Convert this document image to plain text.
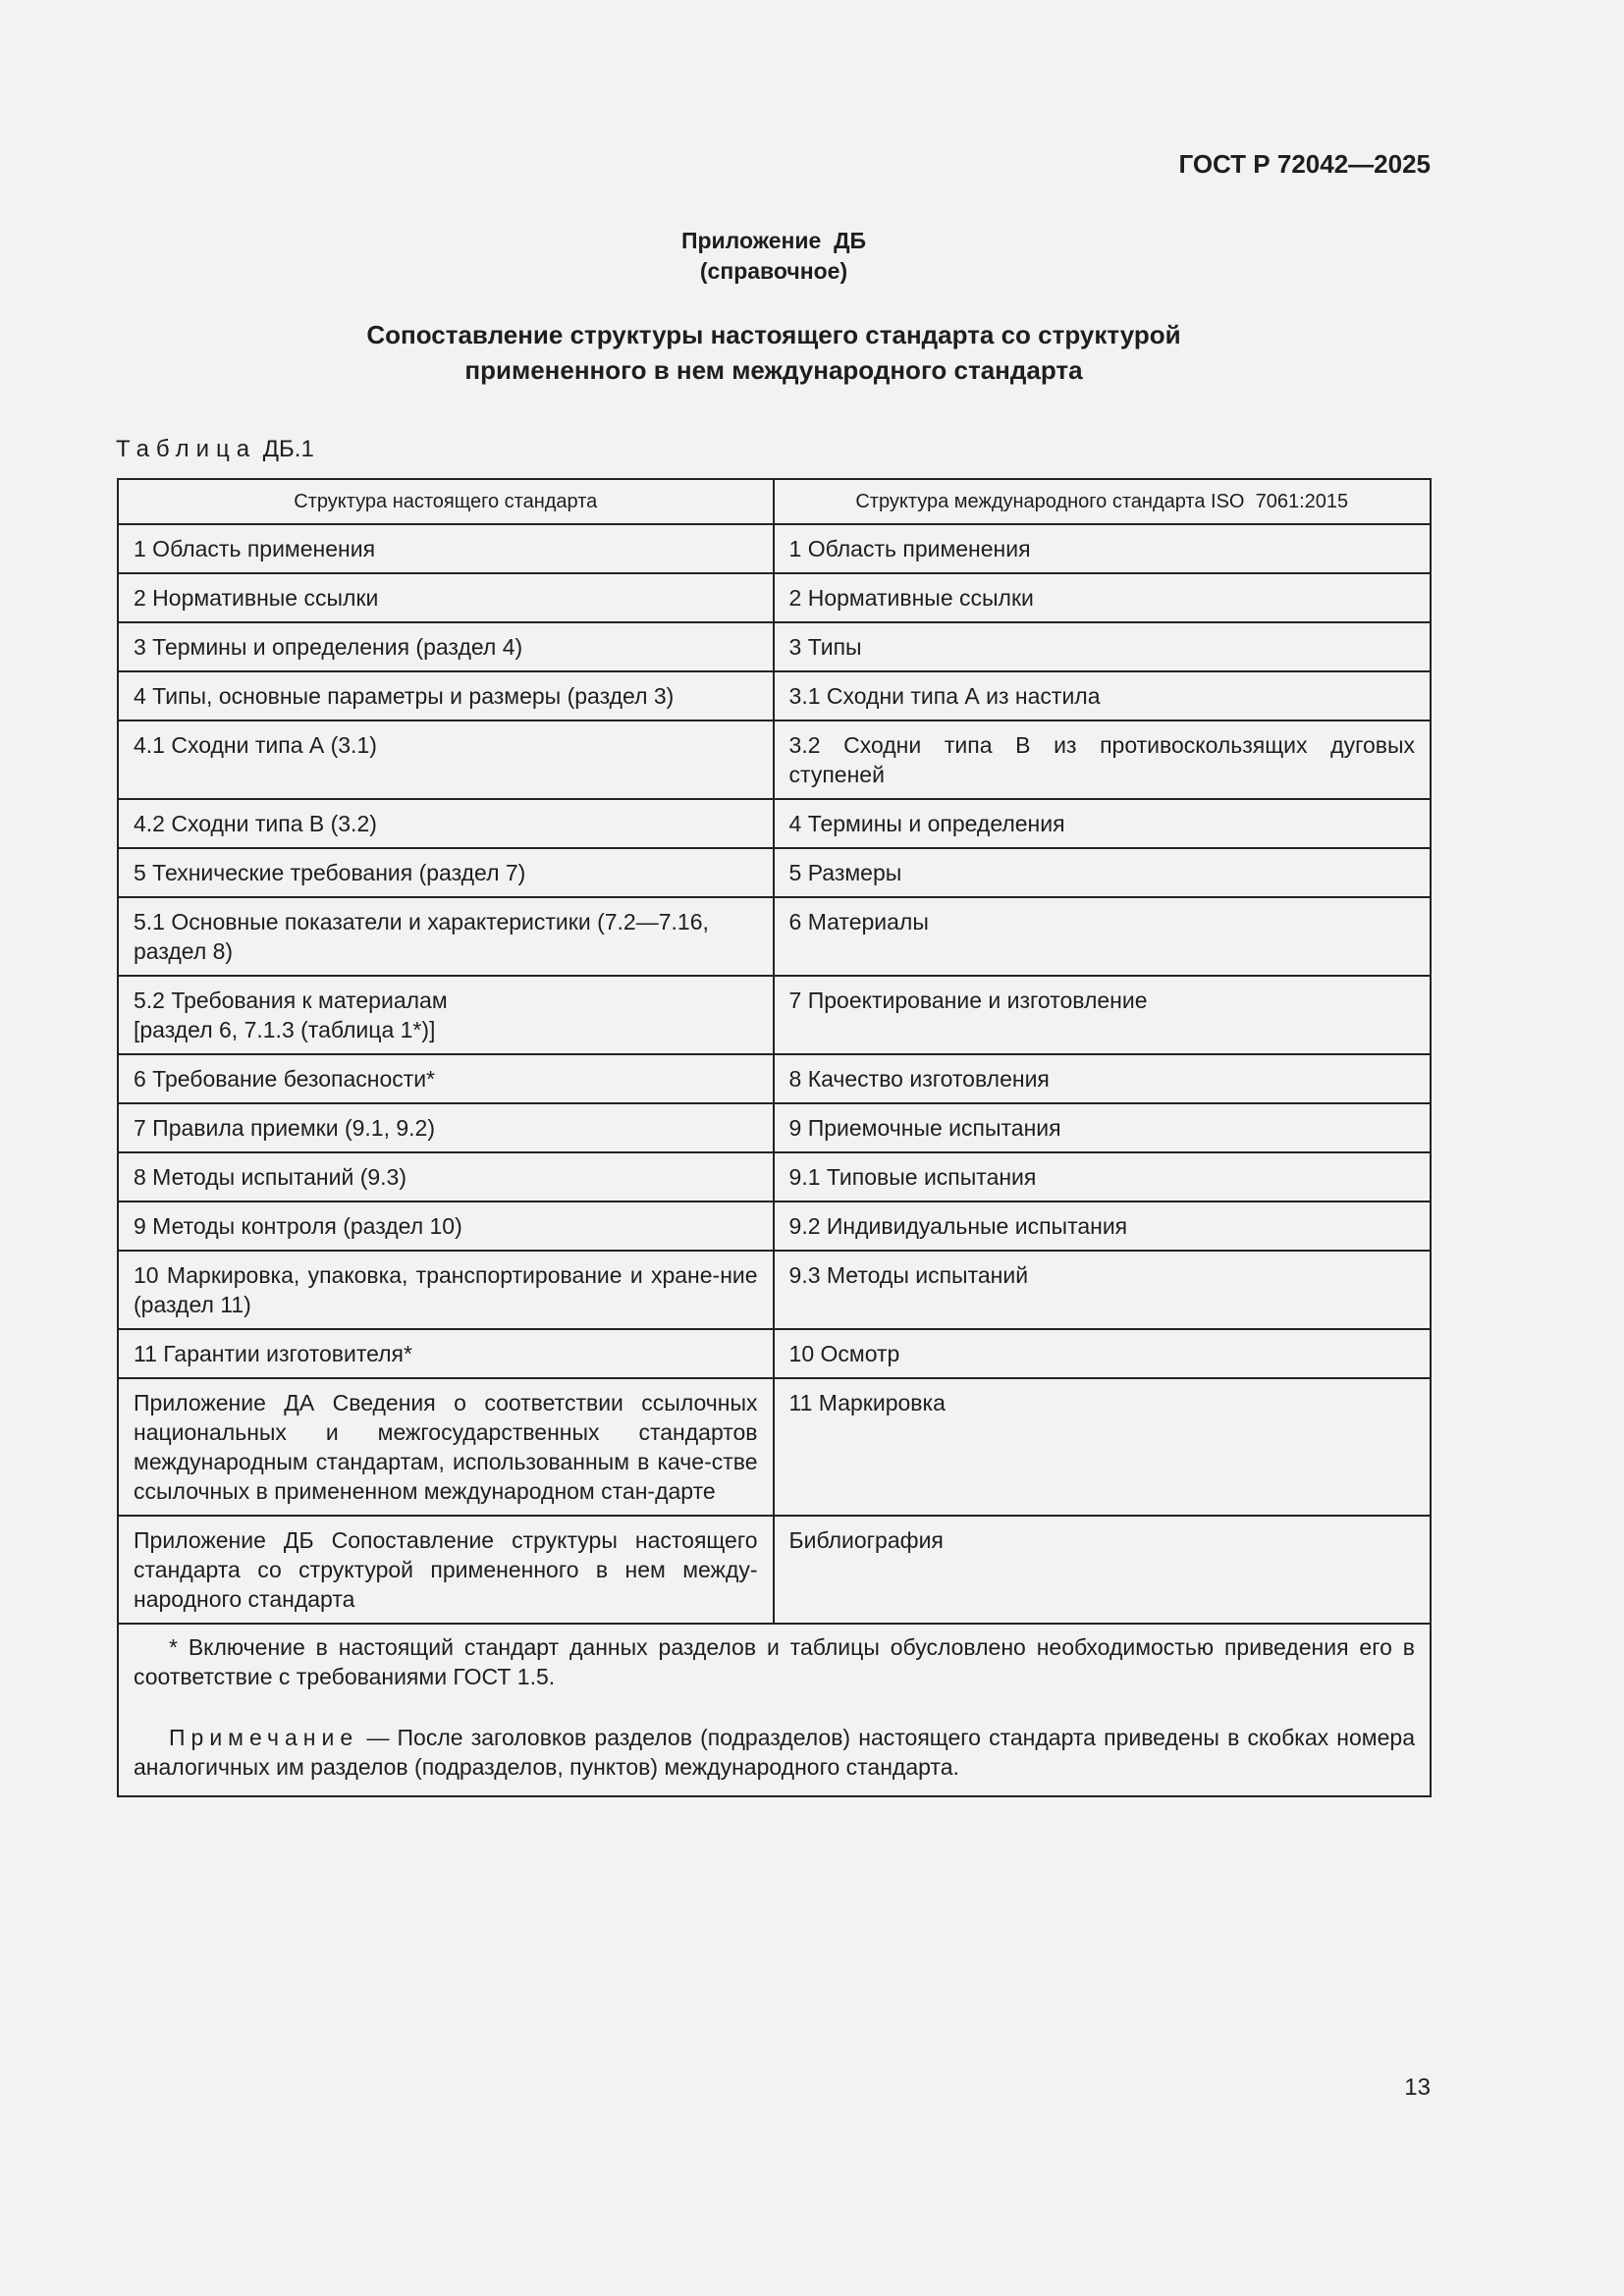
ГОСТ Р 72042—2025
Приложение  ДБ
(справочное)
Сопоставление структуры настоящего стандарта со структурой
примененного в нем международного стандарта
Таблица ДБ.1
Структура настоящего стандарта	Структура международного стандарта ISO  7061:2015
1 Область применения	1 Область применения
2 Нормативные ссылки	2 Нормативные ссылки
3 Термины и определения (раздел 4)	3 Типы
4 Типы, основные параметры и размеры (раздел 3)	3.1 Сходни типа А из настила
4.1 Сходни типа А (3.1)	3.2 Сходни типа В из противоскользящих дуговых ступеней
4.2 Сходни типа В (3.2)	4 Термины и определения
5 Технические требования (раздел 7)	5 Размеры
5.1 Основные показатели и характеристики (7.2—7.16, раздел 8)	6 Материалы
5.2 Требования к материалам
[раздел 6, 7.1.3 (таблица 1*)]	7 Проектирование и изготовление
6 Требование безопасности*	8 Качество изготовления
7 Правила приемки (9.1, 9.2)	9 Приемочные испытания
8 Методы испытаний (9.3)	9.1 Типовые испытания
9 Методы контроля (раздел 10)	9.2 Индивидуальные испытания
10 Маркировка, упаковка, транспортирование и хране-ние (раздел 11)	9.3 Методы испытаний
11 Гарантии изготовителя*	10 Осмотр
Приложение ДА Сведения о соответствии ссылочных национальных и межгосударственных стандартов международным стандартам, использованным в каче-стве ссылочных в примененном международном стан-дарте	11 Маркировка
Приложение ДБ Сопоставление структуры настоящего стандарта со структурой примененного в нем между-народного стандарта	Библиография

* Включение в настоящий стандарт данных разделов и таблицы обусловлено необходимостью приведения его в соответствие с требованиями ГОСТ 1.5.

Примечание — После заголовков разделов (подразделов) настоящего стандарта приведены в скобках номера аналогичных им разделов (подразделов, пунктов) международного стандарта.	

13
